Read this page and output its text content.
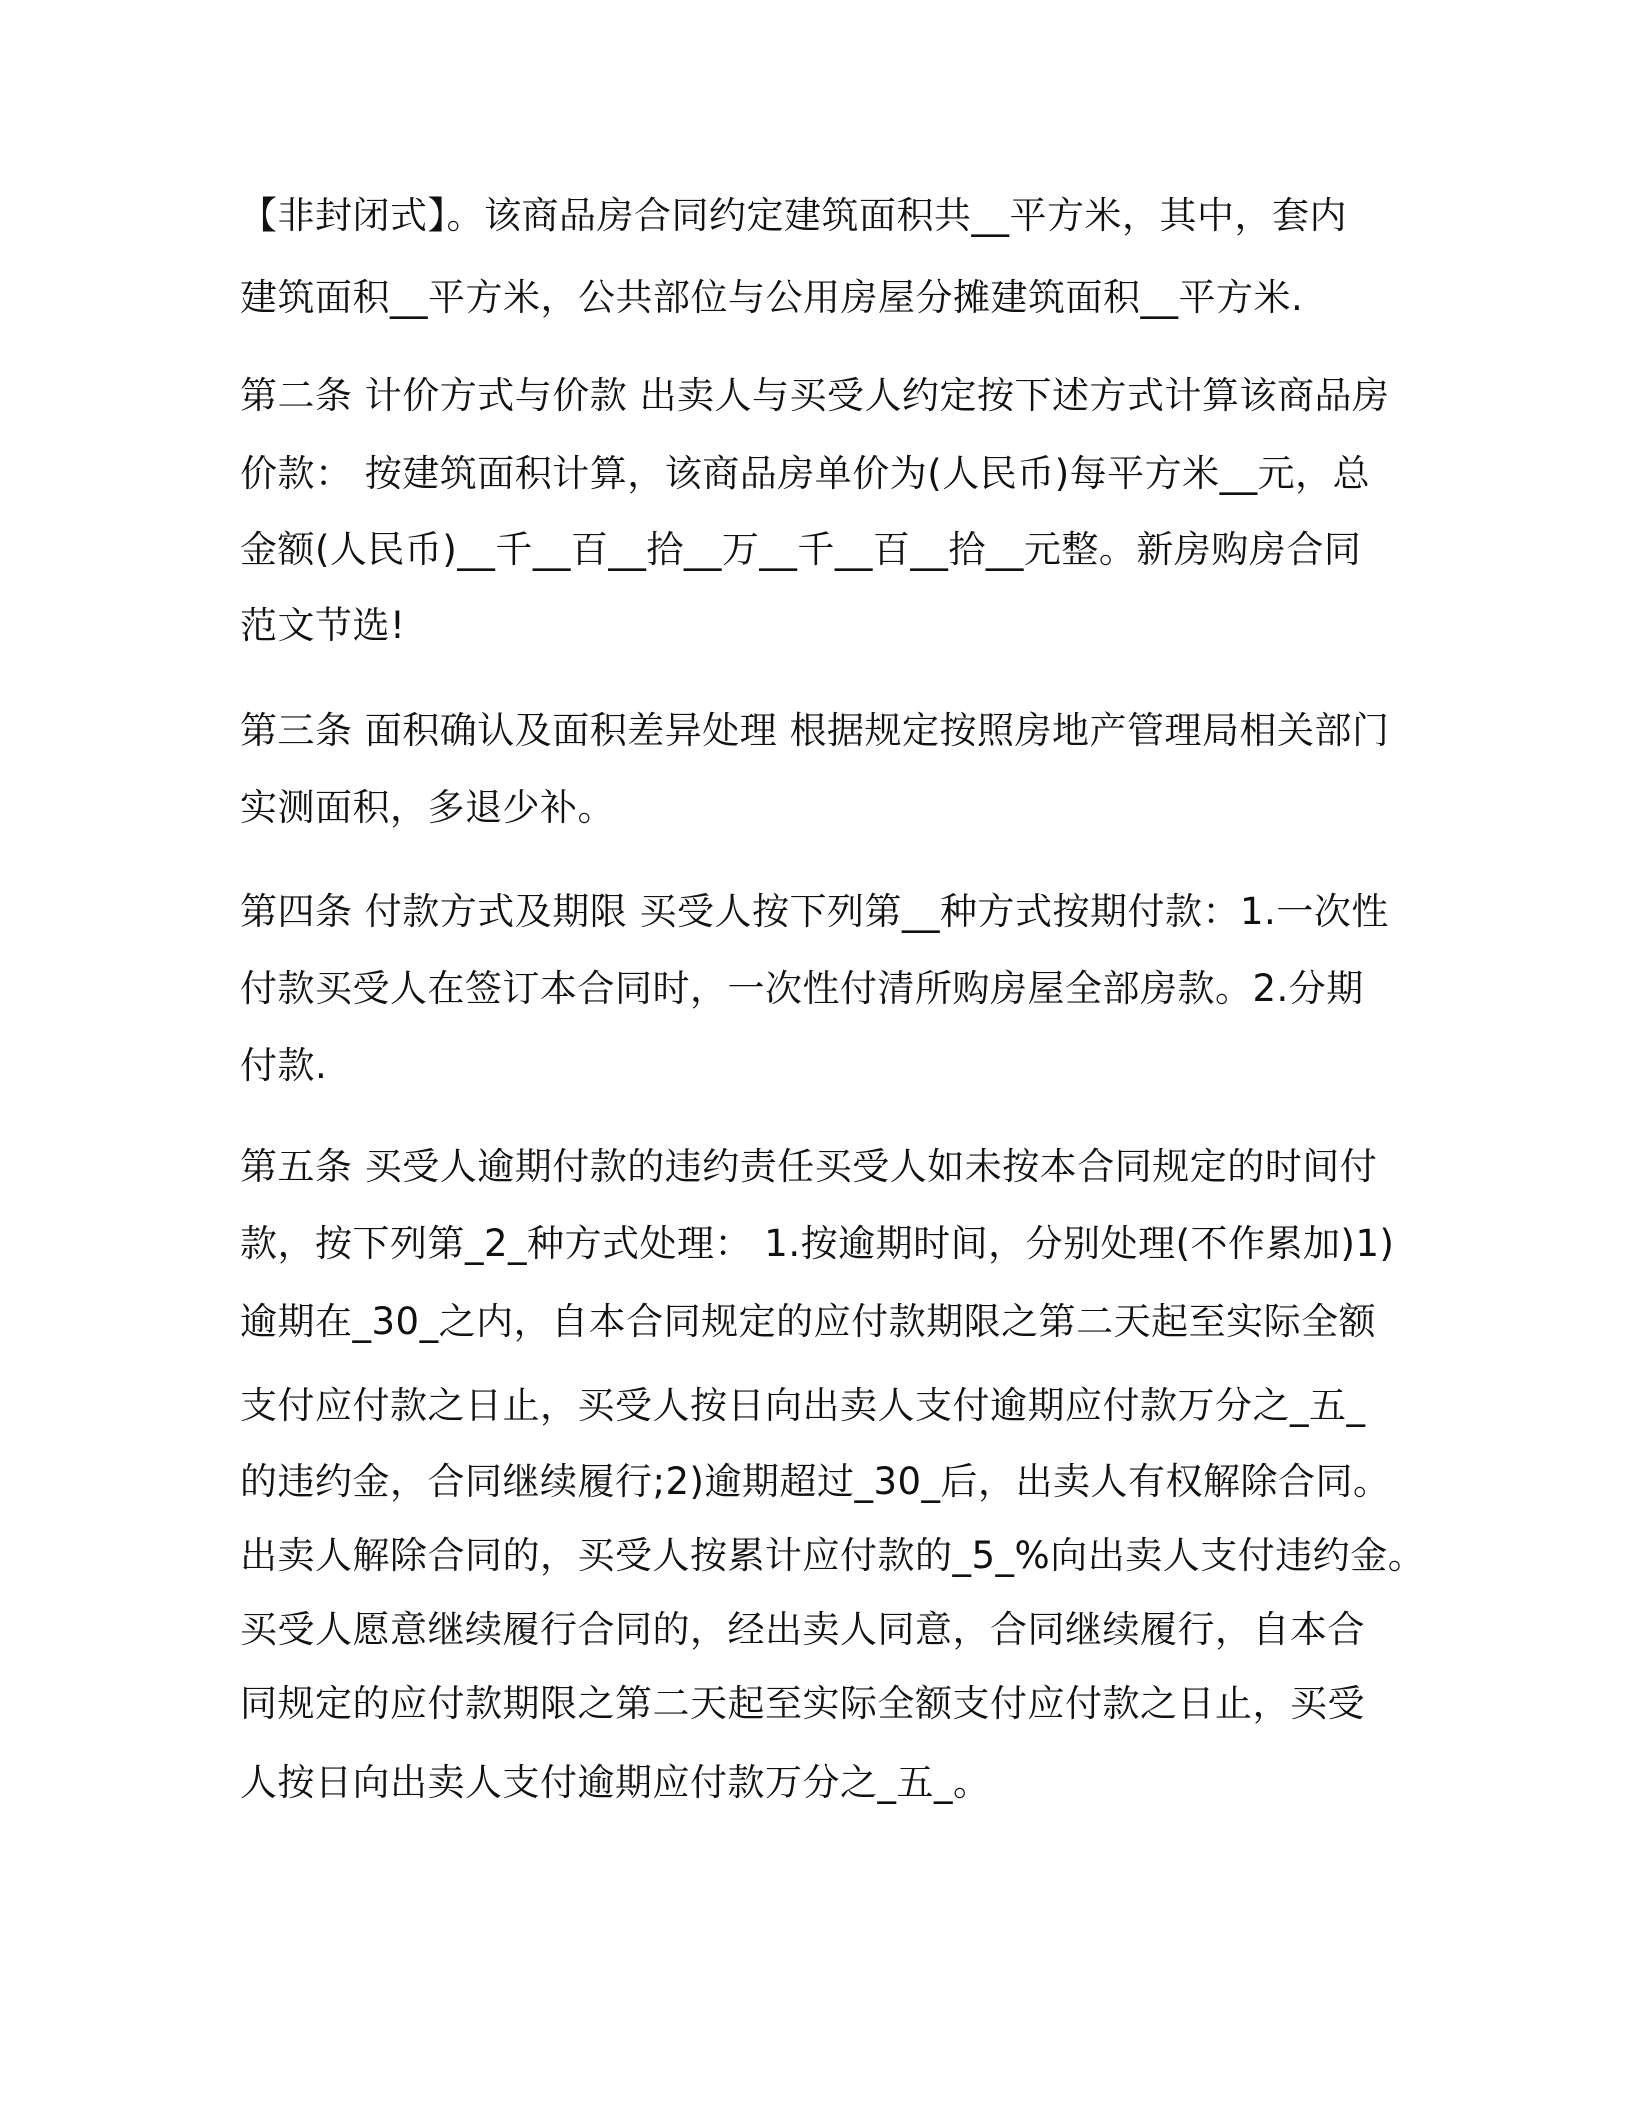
【非封闭式】。该商品房合同约定建筑面积共__平方米，其中，套内
建筑面积__平方米，公共部位与公用房屋分摊建筑面积__平方米.
第二条 计价方式与价款 出卖人与买受人约定按下述方式计算该商品房
价款： 按建筑面积计算，该商品房单价为(人民币)每平方米__元，总
金额(人民币)__千__百__拾__万__千__百__拾__元整。新房购房合同
范文节选!
第三条 面积确认及面积差异处理 根据规定按照房地产管理局相关部门
实测面积，多退少补。
第四条 付款方式及期限 买受人按下列第__种方式按期付款：1.一次性
付款买受人在签订本合同时，一次性付清所购房屋全部房款。2.分期
付款.
第五条 买受人逾期付款的违约责任买受人如未按本合同规定的时间付
款，按下列第_2_种方式处理： 1.按逾期时间，分别处理(不作累加)1)
逾期在_30_之内，自本合同规定的应付款期限之第二天起至实际全额
支付应付款之日止，买受人按日向出卖人支付逾期应付款万分之_五_
的违约金，合同继续履行;2)逾期超过_30_后，出卖人有权解除合同。
出卖人解除合同的，买受人按累计应付款的_5_%向出卖人支付违约金。
买受人愿意继续履行合同的，经出卖人同意，合同继续履行，自本合
同规定的应付款期限之第二天起至实际全额支付应付款之日止，买受
人按日向出卖人支付逾期应付款万分之_五_。
